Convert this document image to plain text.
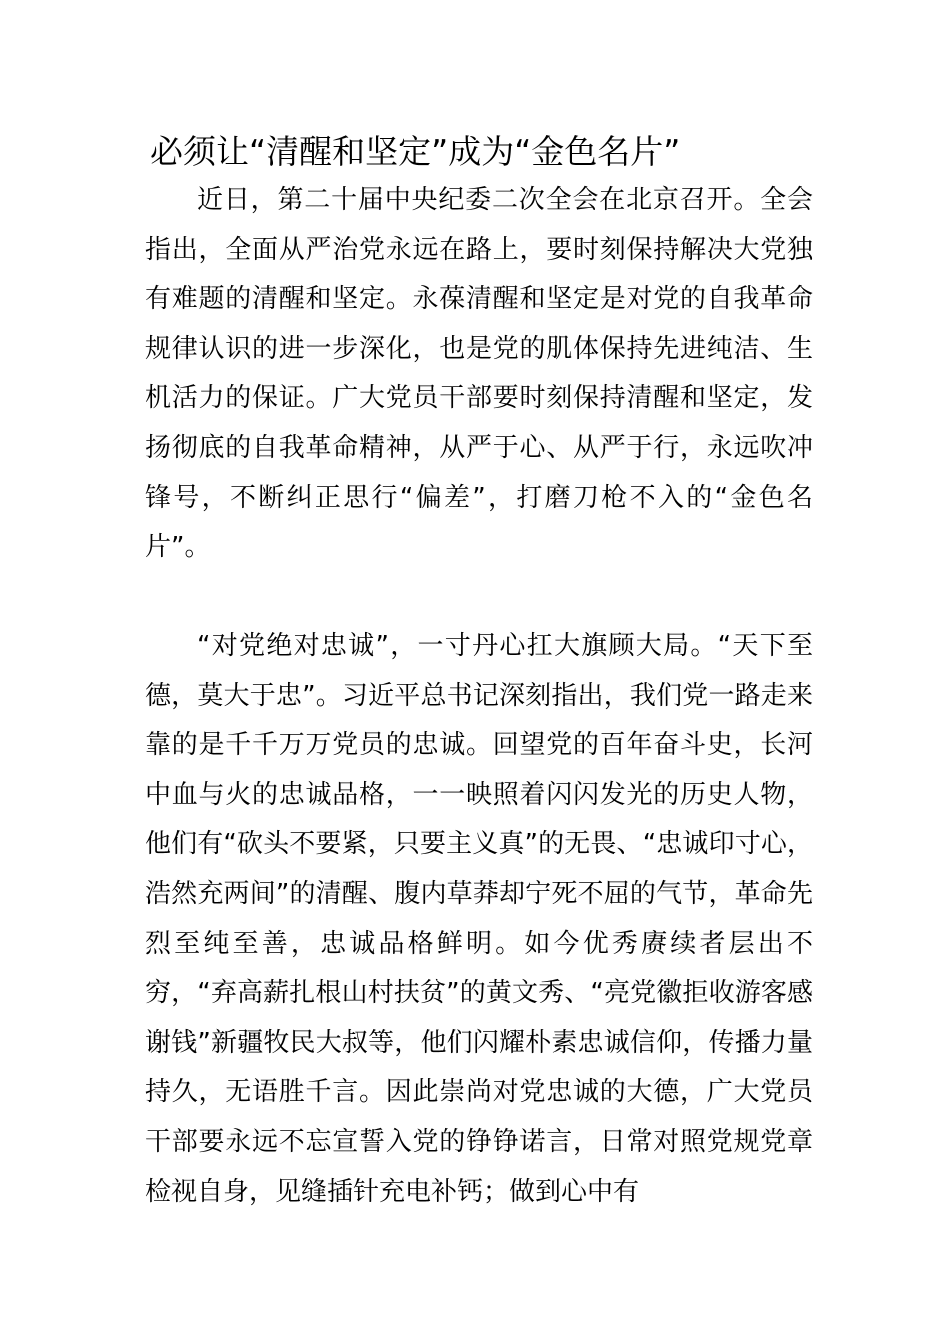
必须让“清醒和坚定”成为“金色名片”

近日，第二十届中央纪委二次全会在北京召开。全会指出，全面从严治党永远在路上，要时刻保持解决大党独有难题的清醒和坚定。永葆清醒和坚定是对党的自我革命规律认识的进一步深化，也是党的肌体保持先进纯洁、生机活力的保证。广大党员干部要时刻保持清醒和坚定，发扬彻底的自我革命精神，从严于心、从严于行，永远吹冲锋号，不断纠正思行“偏差”，打磨刀枪不入的“金色名片”。

“对党绝对忠诚”，一寸丹心扛大旗顾大局。“天下至德，莫大于忠”。习近平总书记深刻指出，我们党一路走来靠的是千千万万党员的忠诚。回望党的百年奋斗史，长河中血与火的忠诚品格，一一映照着闪闪发光的历史人物，他们有“砍头不要紧，只要主义真”的无畏、“忠诚印寸心，浩然充两间”的清醒、腹内草莽却宁死不屈的气节，革命先烈至纯至善，忠诚品格鲜明。如今优秀赓续者层出不穷，“弃高薪扎根山村扶贫”的黄文秀、“亮党徽拒收游客感谢钱”新疆牧民大叔等，他们闪耀朴素忠诚信仰，传播力量持久，无语胜千言。因此崇尚对党忠诚的大德，广大党员干部要永远不忘宣誓入党的铮铮诺言，日常对照党规党章检视自身，见缝插针充电补钙；做到心中有
